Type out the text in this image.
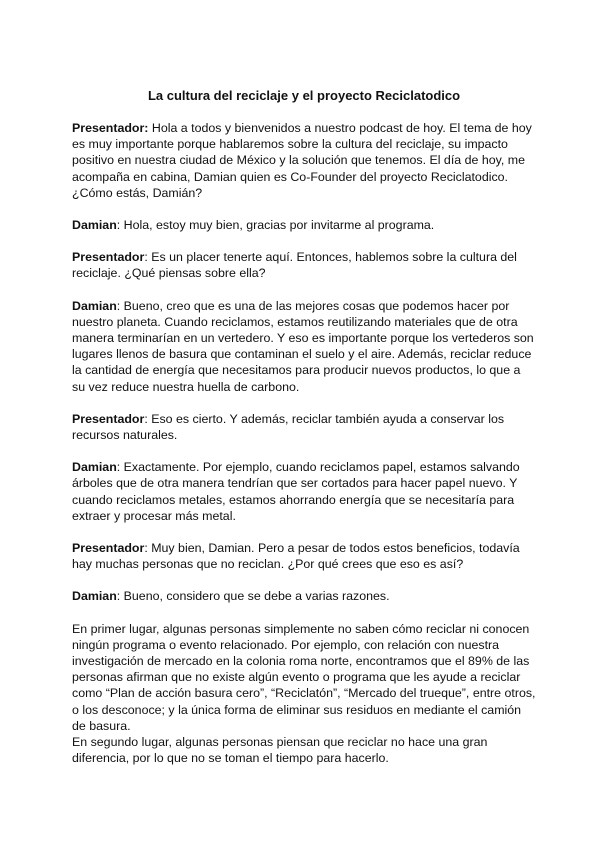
La cultura del reciclaje y el proyecto Reciclatodico

Presentador: Hola a todos y bienvenidos a nuestro podcast de hoy. El tema de hoy es muy importante porque hablaremos sobre la cultura del reciclaje, su impacto positivo en nuestra ciudad de México y la solución que tenemos. El día de hoy, me acompaña en cabina, Damian quien es Co-Founder del proyecto Reciclatodico. ¿Cómo estás, Damián?

Damian: Hola, estoy muy bien, gracias por invitarme al programa.

Presentador: Es un placer tenerte aquí. Entonces, hablemos sobre la cultura del reciclaje. ¿Qué piensas sobre ella?

Damian: Bueno, creo que es una de las mejores cosas que podemos hacer por nuestro planeta. Cuando reciclamos, estamos reutilizando materiales que de otra manera terminarían en un vertedero. Y eso es importante porque los vertederos son lugares llenos de basura que contaminan el suelo y el aire. Además, reciclar reduce la cantidad de energía que necesitamos para producir nuevos productos, lo que a su vez reduce nuestra huella de carbono.

Presentador: Eso es cierto. Y además, reciclar también ayuda a conservar los recursos naturales.

Damian: Exactamente. Por ejemplo, cuando reciclamos papel, estamos salvando árboles que de otra manera tendrían que ser cortados para hacer papel nuevo. Y cuando reciclamos metales, estamos ahorrando energía que se necesitaría para extraer y procesar más metal.

Presentador: Muy bien, Damian. Pero a pesar de todos estos beneficios, todavía hay muchas personas que no reciclan. ¿Por qué crees que eso es así?

Damian: Bueno, considero que se debe a varias razones.

En primer lugar, algunas personas simplemente no saben cómo reciclar ni conocen ningún programa o evento relacionado. Por ejemplo, con relación con nuestra investigación de mercado en la colonia roma norte, encontramos que el 89% de las personas afirman que no existe algún evento o programa que les ayude a reciclar como “Plan de acción basura cero”, “Reciclatón”, “Mercado del trueque”, entre otros, o los desconoce; y la única forma de eliminar sus residuos en mediante el camión de basura.

En segundo lugar, algunas personas piensan que reciclar no hace una gran diferencia, por lo que no se toman el tiempo para hacerlo.
